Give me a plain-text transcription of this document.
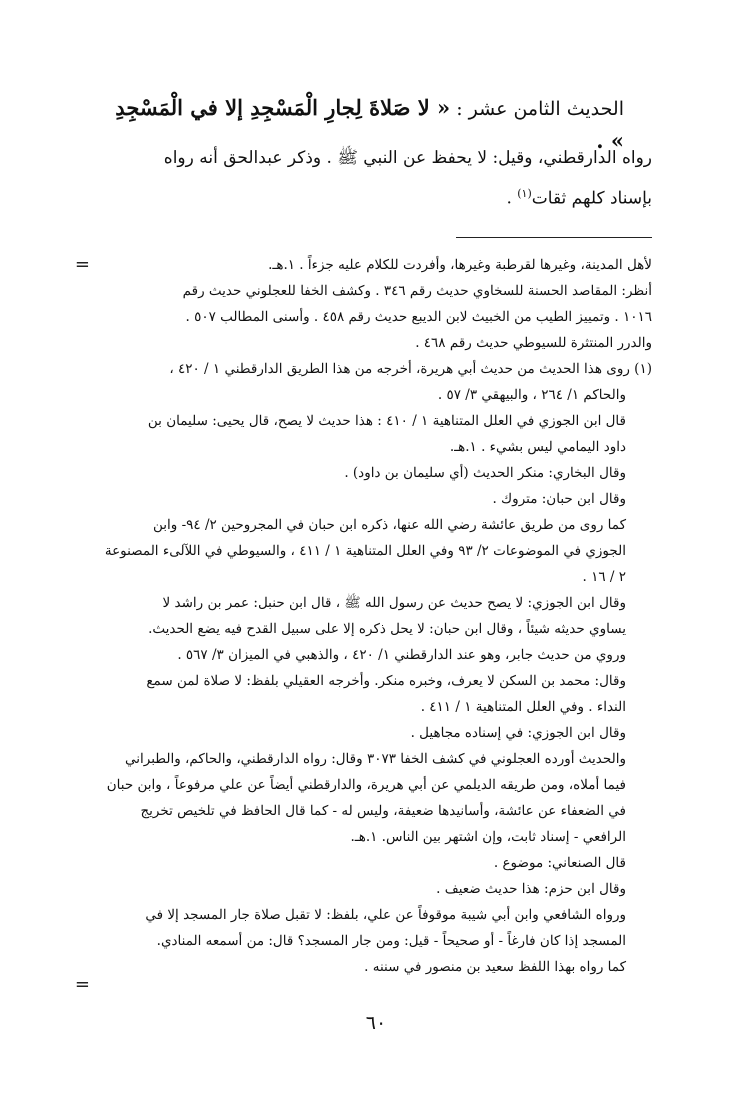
الحديث الثامن عشر : « لا صَلاةَ لِجارِ الْمَسْجِدِ إلا في الْمَسْجِدِ » .

رواه الدارقطني، وقيل: لا يحفظ عن النبي ﷺ . وذكر عبدالحق أنه رواه

بإسناد كلهم ثقات$^{(١)}$ .

=	لأهل المدينة، وغيرها لقرطبة وغيرها، وأفردت للكلام عليه جزءاً . ١.هـ.

أنظر: المقاصد الحسنة للسخاوي حديث رقم ٣٤٦ . وكشف الخفا للعجلوني حديث رقم

١٠١٦ . وتمييز الطيب من الخبيث لابن الديبع حديث رقم ٤٥٨ . وأسنى المطالب ٥٠٧ .

والدرر المنتثرة للسيوطي حديث رقم ٤٦٨ .

(١) روى هذا الحديث من حديث أبي هريرة، أخرجه من هذا الطريق الدارقطني ١ / ٤٢٠ ،

والحاكم ١/ ٢٦٤ ، والبيهقي ٣/ ٥٧ .

قال ابن الجوزي في العلل المتناهية ١ / ٤١٠ : هذا حديث لا يصح، قال يحيى: سليمان بن

داود اليمامي ليس بشيء . ١.هـ.

وقال البخاري: منكر الحديث (أي سليمان بن داود) .

وقال ابن حبان: متروك .

كما روى من طريق عائشة رضي الله عنها، ذكره ابن حبان في المجروحين ٢/ ٩٤- وابن

الجوزي في الموضوعات ٢/ ٩٣ وفي العلل المتناهية ١ / ٤١١ ، والسيوطي في اللآلىء المصنوعة

٢ / ١٦ .

وقال ابن الجوزي: لا يصح حديث عن رسول الله ﷺ ، قال ابن حنبل: عمر بن راشد لا

يساوي حديثه شيئاً ، وقال ابن حبان: لا يحل ذكره إلا على سبيل القدح فيه يضع الحديث.

وروي من حديث جابر، وهو عند الدارقطني ١/ ٤٢٠ ، والذهبي في الميزان ٣/ ٥٦٧ .

وقال: محمد بن السكن لا يعرف، وخبره منكر. وأخرجه العقيلي بلفظ: لا صلاة لمن سمع

النداء . وفي العلل المتناهية ١ / ٤١١ .

وقال ابن الجوزي: في إسناده مجاهيل .

والحديث أورده العجلوني في كشف الخفا ٣٠٧٣ وقال: رواه الدارقطني، والحاكم، والطبراني

فيما أملاه، ومن طريقه الديلمي عن أبي هريرة، والدارقطني أيضاً عن علي مرفوعاً ، وابن حبان

في الضعفاء عن عائشة، وأسانيدها ضعيفة، وليس له - كما قال الحافظ في تلخيص تخريج

الرافعي - إسناد ثابت، وإن اشتهر بين الناس. ١.هـ.

قال الصنعاني: موضوع .

وقال ابن حزم: هذا حديث ضعيف .

ورواه الشافعي وابن أبي شيبة موقوفاً عن علي، بلفظ: لا تقبل صلاة جار المسجد إلا في

المسجد إذا كان فارغاً - أو صحيحاً - قيل: ومن جار المسجد؟ قال: من أسمعه المنادي.

كما رواه بهذا اللفظ سعيد بن منصور في سننه .

=
٦٠
